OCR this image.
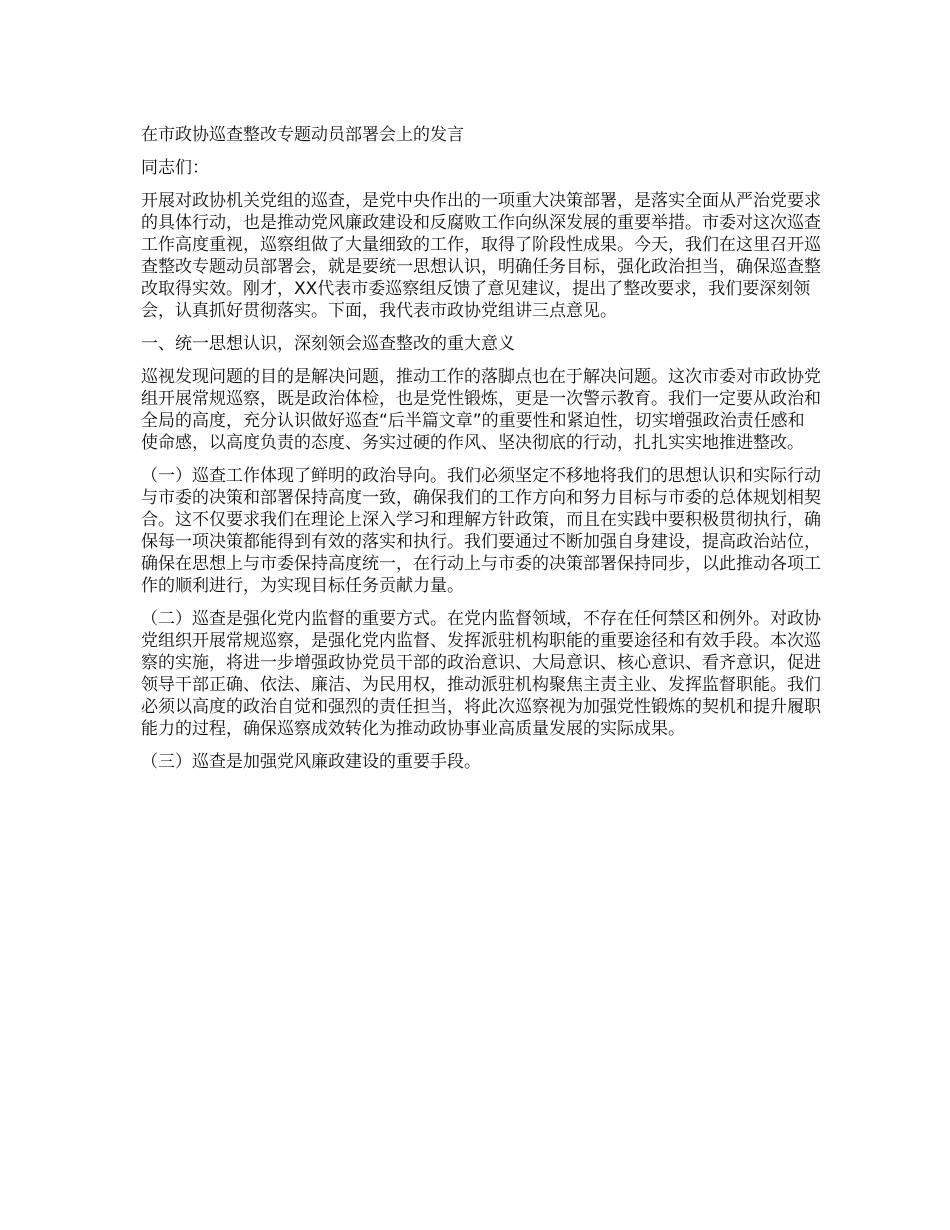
在市政协巡查整改专题动员部署会上的发言

同志们：

开展对政协机关党组的巡查，是党中央作出的一项重大决策部署，是落实全面从严治党要求的具体行动，也是推动党风廉政建设和反腐败工作向纵深发展的重要举措。市委对这次巡查工作高度重视，巡察组做了大量细致的工作，取得了阶段性成果。今天，我们在这里召开巡查整改专题动员部署会，就是要统一思想认识，明确任务目标，强化政治担当，确保巡查整改取得实效。刚才，XX代表市委巡察组反馈了意见建议，提出了整改要求，我们要深刻领会，认真抓好贯彻落实。下面，我代表市政协党组讲三点意见。

一、统一思想认识，深刻领会巡查整改的重大意义

巡视发现问题的目的是解决问题，推动工作的落脚点也在于解决问题。这次市委对市政协党组开展常规巡察，既是政治体检，也是党性锻炼，更是一次警示教育。我们一定要从政治和全局的高度，充分认识做好巡查“后半篇文章”的重要性和紧迫性，切实增强政治责任感和使命感，以高度负责的态度、务实过硬的作风、坚决彻底的行动，扎扎实实地推进整改。

（一）巡查工作体现了鲜明的政治导向。我们必须坚定不移地将我们的思想认识和实际行动与市委的决策和部署保持高度一致，确保我们的工作方向和努力目标与市委的总体规划相契合。这不仅要求我们在理论上深入学习和理解方针政策，而且在实践中要积极贯彻执行，确保每一项决策都能得到有效的落实和执行。我们要通过不断加强自身建设，提高政治站位，确保在思想上与市委保持高度统一，在行动上与市委的决策部署保持同步，以此推动各项工作的顺利进行，为实现目标任务贡献力量。

（二）巡查是强化党内监督的重要方式。在党内监督领域，不存在任何禁区和例外。对政协党组织开展常规巡察，是强化党内监督、发挥派驻机构职能的重要途径和有效手段。本次巡察的实施，将进一步增强政协党员干部的政治意识、大局意识、核心意识、看齐意识，促进领导干部正确、依法、廉洁、为民用权，推动派驻机构聚焦主责主业、发挥监督职能。我们必须以高度的政治自觉和强烈的责任担当，将此次巡察视为加强党性锻炼的契机和提升履职能力的过程，确保巡察成效转化为推动政协事业高质量发展的实际成果。

（三）巡查是加强党风廉政建设的重要手段。
